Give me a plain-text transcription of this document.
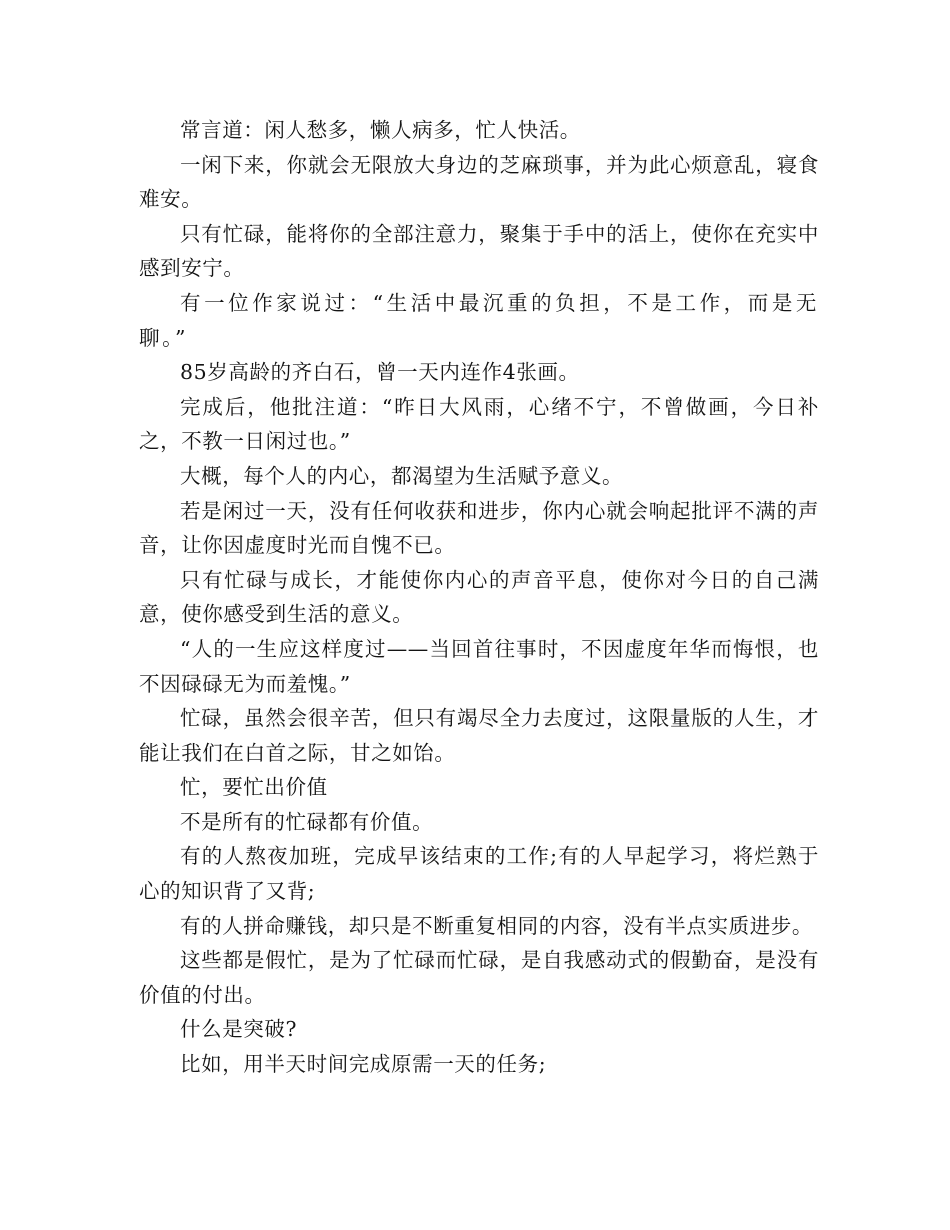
常言道：闲人愁多，懒人病多，忙人快活。

一闲下来，你就会无限放大身边的芝麻琐事，并为此心烦意乱，寝食难安。

只有忙碌，能将你的全部注意力，聚集于手中的活上，使你在充实中感到安宁。

有一位作家说过：“生活中最沉重的负担，不是工作，而是无聊。”

85岁高龄的齐白石，曾一天内连作4张画。

完成后，他批注道：“昨日大风雨，心绪不宁，不曾做画，今日补之，不教一日闲过也。”

大概，每个人的内心，都渴望为生活赋予意义。

若是闲过一天，没有任何收获和进步，你内心就会响起批评不满的声音，让你因虚度时光而自愧不已。

只有忙碌与成长，才能使你内心的声音平息，使你对今日的自己满意，使你感受到生活的意义。

“人的一生应这样度过——当回首往事时，不因虚度年华而悔恨，也不因碌碌无为而羞愧。”

忙碌，虽然会很辛苦，但只有竭尽全力去度过，这限量版的人生，才能让我们在白首之际，甘之如饴。

忙，要忙出价值

不是所有的忙碌都有价值。

有的人熬夜加班，完成早该结束的工作;有的人早起学习，将烂熟于心的知识背了又背;

有的人拼命赚钱，却只是不断重复相同的内容，没有半点实质进步。

这些都是假忙，是为了忙碌而忙碌，是自我感动式的假勤奋，是没有价值的付出。

什么是突破?

比如，用半天时间完成原需一天的任务;
